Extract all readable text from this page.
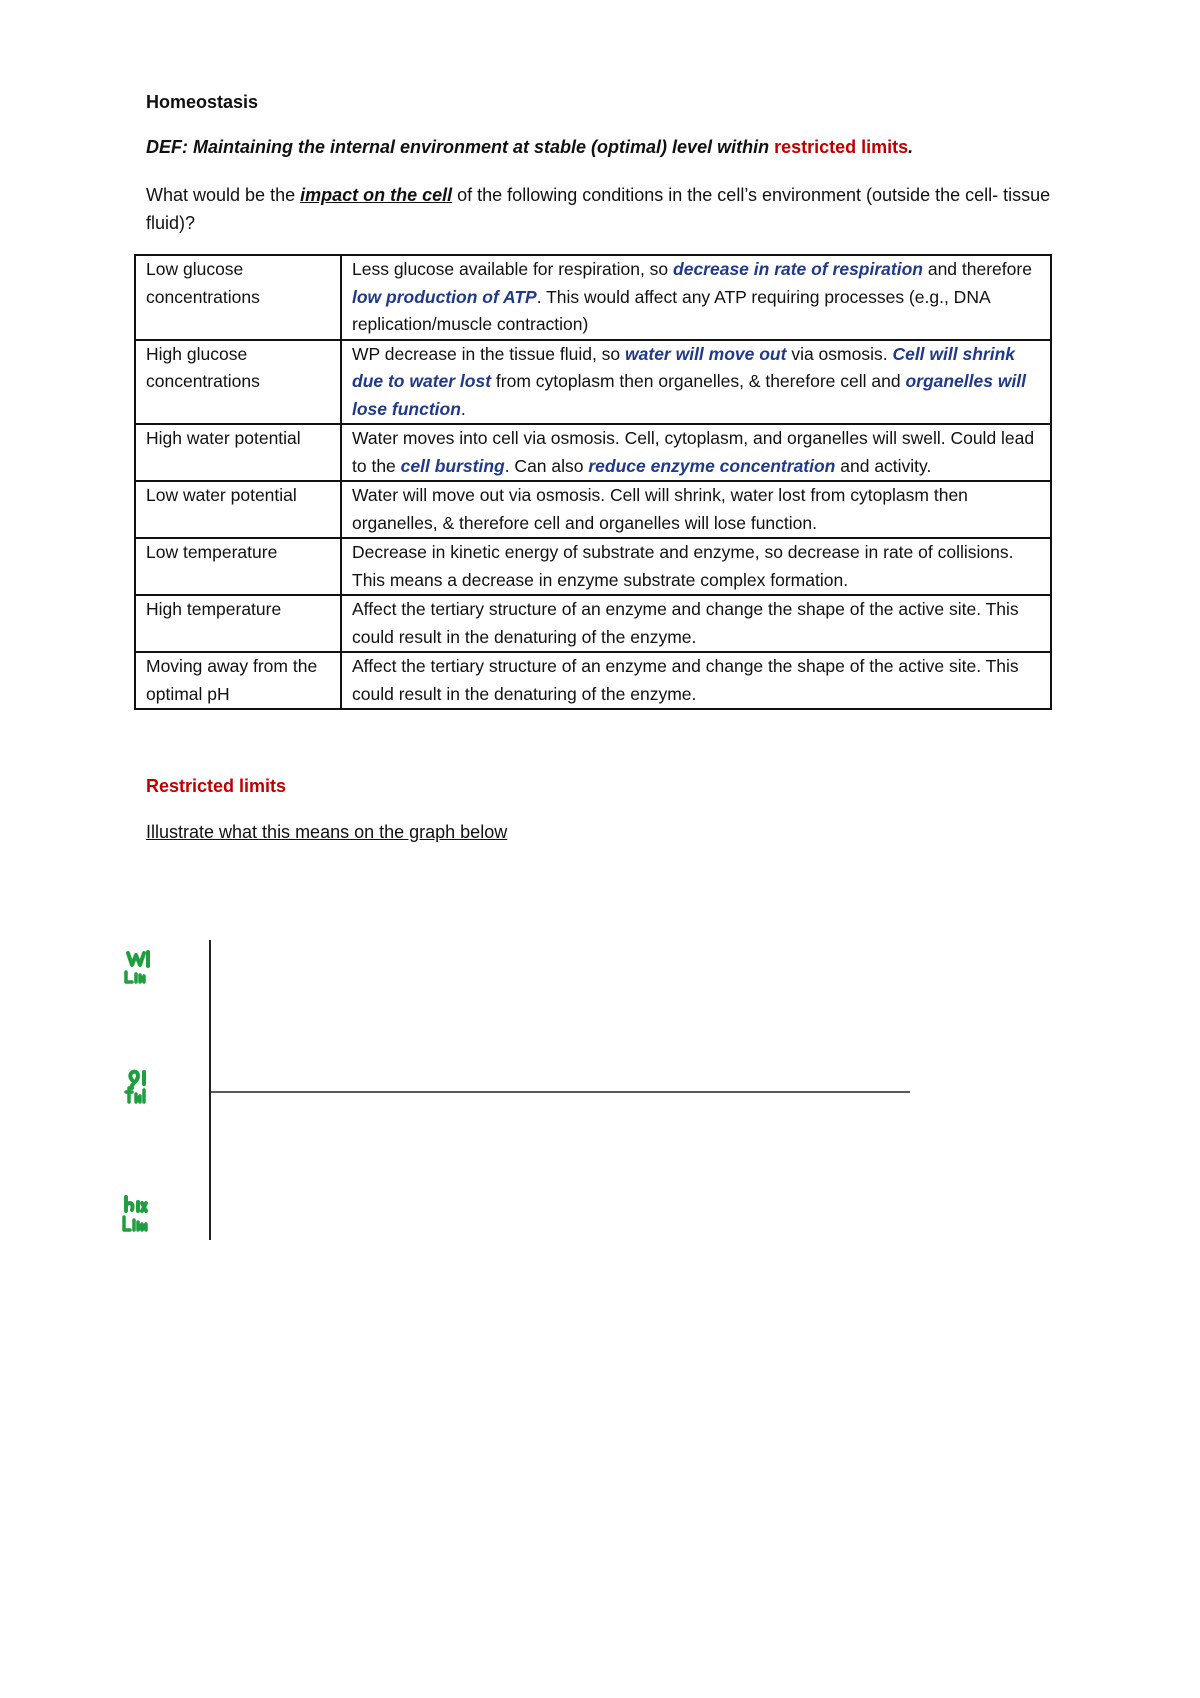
Homeostasis
DEF: Maintaining the internal environment at stable (optimal) level within restricted limits.
What would be the impact on the cell of the following conditions in the cell’s environment (outside the cell- tissue fluid)?
Low glucose concentrations	Less glucose available for respiration, so decrease in rate of respiration and therefore low production of ATP. This would affect any ATP requiring processes (e.g., DNA replication/muscle contraction)
High glucose concentrations	WP decrease in the tissue fluid, so water will move out via osmosis. Cell will shrink due to water lost from cytoplasm then organelles, & therefore cell and organelles will lose function.
High water potential	Water moves into cell via osmosis. Cell, cytoplasm, and organelles will swell. Could lead to the cell bursting. Can also reduce enzyme concentration and activity.
Low water potential	Water will move out via osmosis. Cell will shrink, water lost from cytoplasm then organelles, & therefore cell and organelles will lose function.
Low temperature	Decrease in kinetic energy of substrate and enzyme, so decrease in rate of collisions. This means a decrease in enzyme substrate complex formation.
High temperature	Affect the tertiary structure of an enzyme and change the shape of the active site. This could result in the denaturing of the enzyme.
Moving away from the optimal pH	Affect the tertiary structure of an enzyme and change the shape of the active site. This could result in the denaturing of the enzyme.
Restricted limits
Illustrate what this means on the graph below
